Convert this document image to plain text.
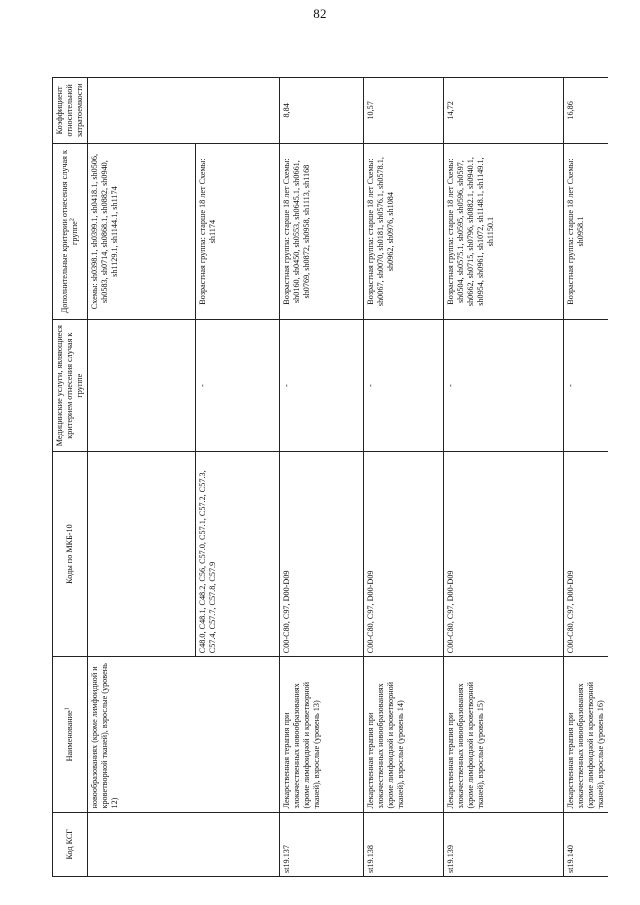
82
Код КСГ	Наименование$^1$	Коды по МКБ-10	Медицинские услуги, являющиеся критерием отнесения случая к группе	Дополнительные критерии отнесения случая к группе$^2$	Коэффициент относительной затратоемкости
	новообразованиях (кроме лимфоидной и кроветворной тканей), взрослые (уровень 12)			Схемы: sh0398.1, sh0399.1, sh0418.1, sh0506, sh0583, sh0714, sh0868.1, sh0882, sh0940, sh1129.1, sh1144.1, sh1174	
		C48.0, C48.1, C48.2, C56, C57.0, C57.1, C57.2, C57.3, C57.4, C57.7, C57.8, C57.9	-	Возрастная группа: старше 18 лет Схемы: sh1174	
st19.137	Лекарственная терапия при злокачественных новообразованиях (кроме лимфоидной и кроветворной тканей), взрослые (уровень 13)	C00-C80, C97, D00-D09	-	Возрастная группа: старше 18 лет Схемы: sh0160, sh0450, sh0553, sh0645.1, sh0661, sh0769, sh0872, sh0958, sh1113, sh1168	8,84
st19.138	Лекарственная терапия при злокачественных новообразованиях (кроме лимфоидной и кроветворной тканей), взрослые (уровень 14)	C00-C80, C97, D00-D09	-	Возрастная группа: старше 18 лет Схемы: sh0067, sh0070, sh0181, sh0576.1, sh0578.1, sh0962, sh0976, sh1084	10,57
st19.139	Лекарственная терапия при злокачественных новообразованиях (кроме лимфоидной и кроветворной тканей), взрослые (уровень 15)	C00-C80, C97, D00-D09	-	Возрастная группа: старше 18 лет Схемы: sh0504, sh0575.1, sh0595, sh0596, sh0597, sh0662, sh0715, sh0796, sh0882.1, sh0940.1, sh0954, sh0961, sh1072, sh1148.1, sh1149.1, sh1150.1	14,72
st19.140	Лекарственная терапия при злокачественных новообразованиях (кроме лимфоидной и кроветворной тканей), взрослые (уровень 16)	C00-C80, C97, D00-D09	-	Возрастная группа: старше 18 лет Схемы: sh0958.1	16,86
